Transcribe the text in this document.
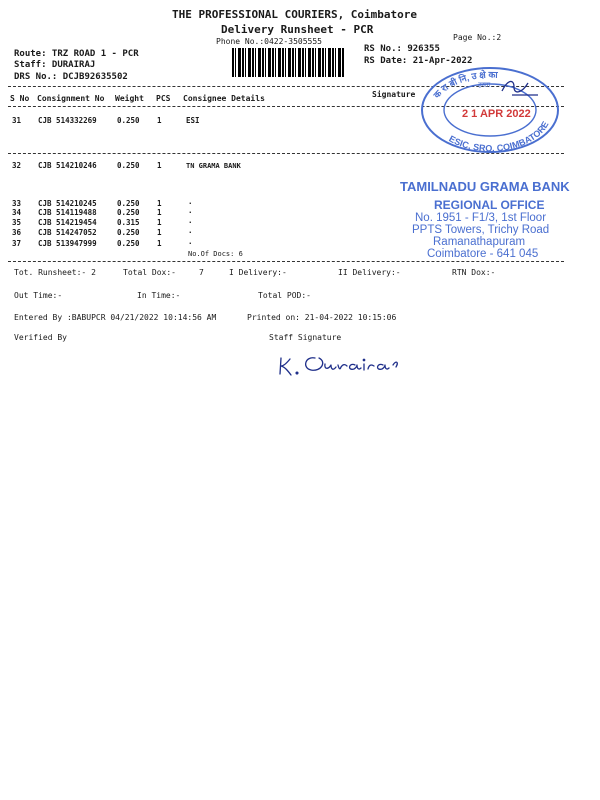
THE PROFESSIONAL COURIERS, Coimbatore
Delivery Runsheet - PCR
Phone No.:0422-3505555	Page No.:2
Route: TRZ ROAD 1 - PCR
Staff: DURAIRAJ
DRS No.: DCJB92635502
RS No.: 926355
RS Date: 21-Apr-2022
S No Consignment No Weight PCS Consignee Details	Signature
31 CJB 514332269	0.250 1	ESI
32 CJB 514210246	0.250 1	TN GRAMA BANK
33 CJB 514210245	0.250 1	.
34 CJB 514119488	0.250 1	.
35 CJB 514219454	0.315 1	.
36 CJB 514247052	0.250 1	.
37 CJB 513947999	0.250 1	.
No.Of Docs: 6
Tot. Runsheet:- 2	Total Dox:-	7	I Delivery:-	II Delivery:-	RTN Dox:-
Out Time:-	In Time:-	Total POD:-
Entered By :BABUPCR 04/21/2022 10:14:56 AM	Printed on: 21-04-2022 10:15:06
Verified By	Staff Signature
क रा बी नि, उ क्षे का
ESIC, SRO, COIMBATORE
हस्ता.
2 1 APR 2022
TAMILNADU GRAMA BANK
REGIONAL OFFICE
No. 1951 - F1/3, 1st Floor
PPTS Towers, Trichy Road
Ramanathapuram
Coimbatore - 641 045
